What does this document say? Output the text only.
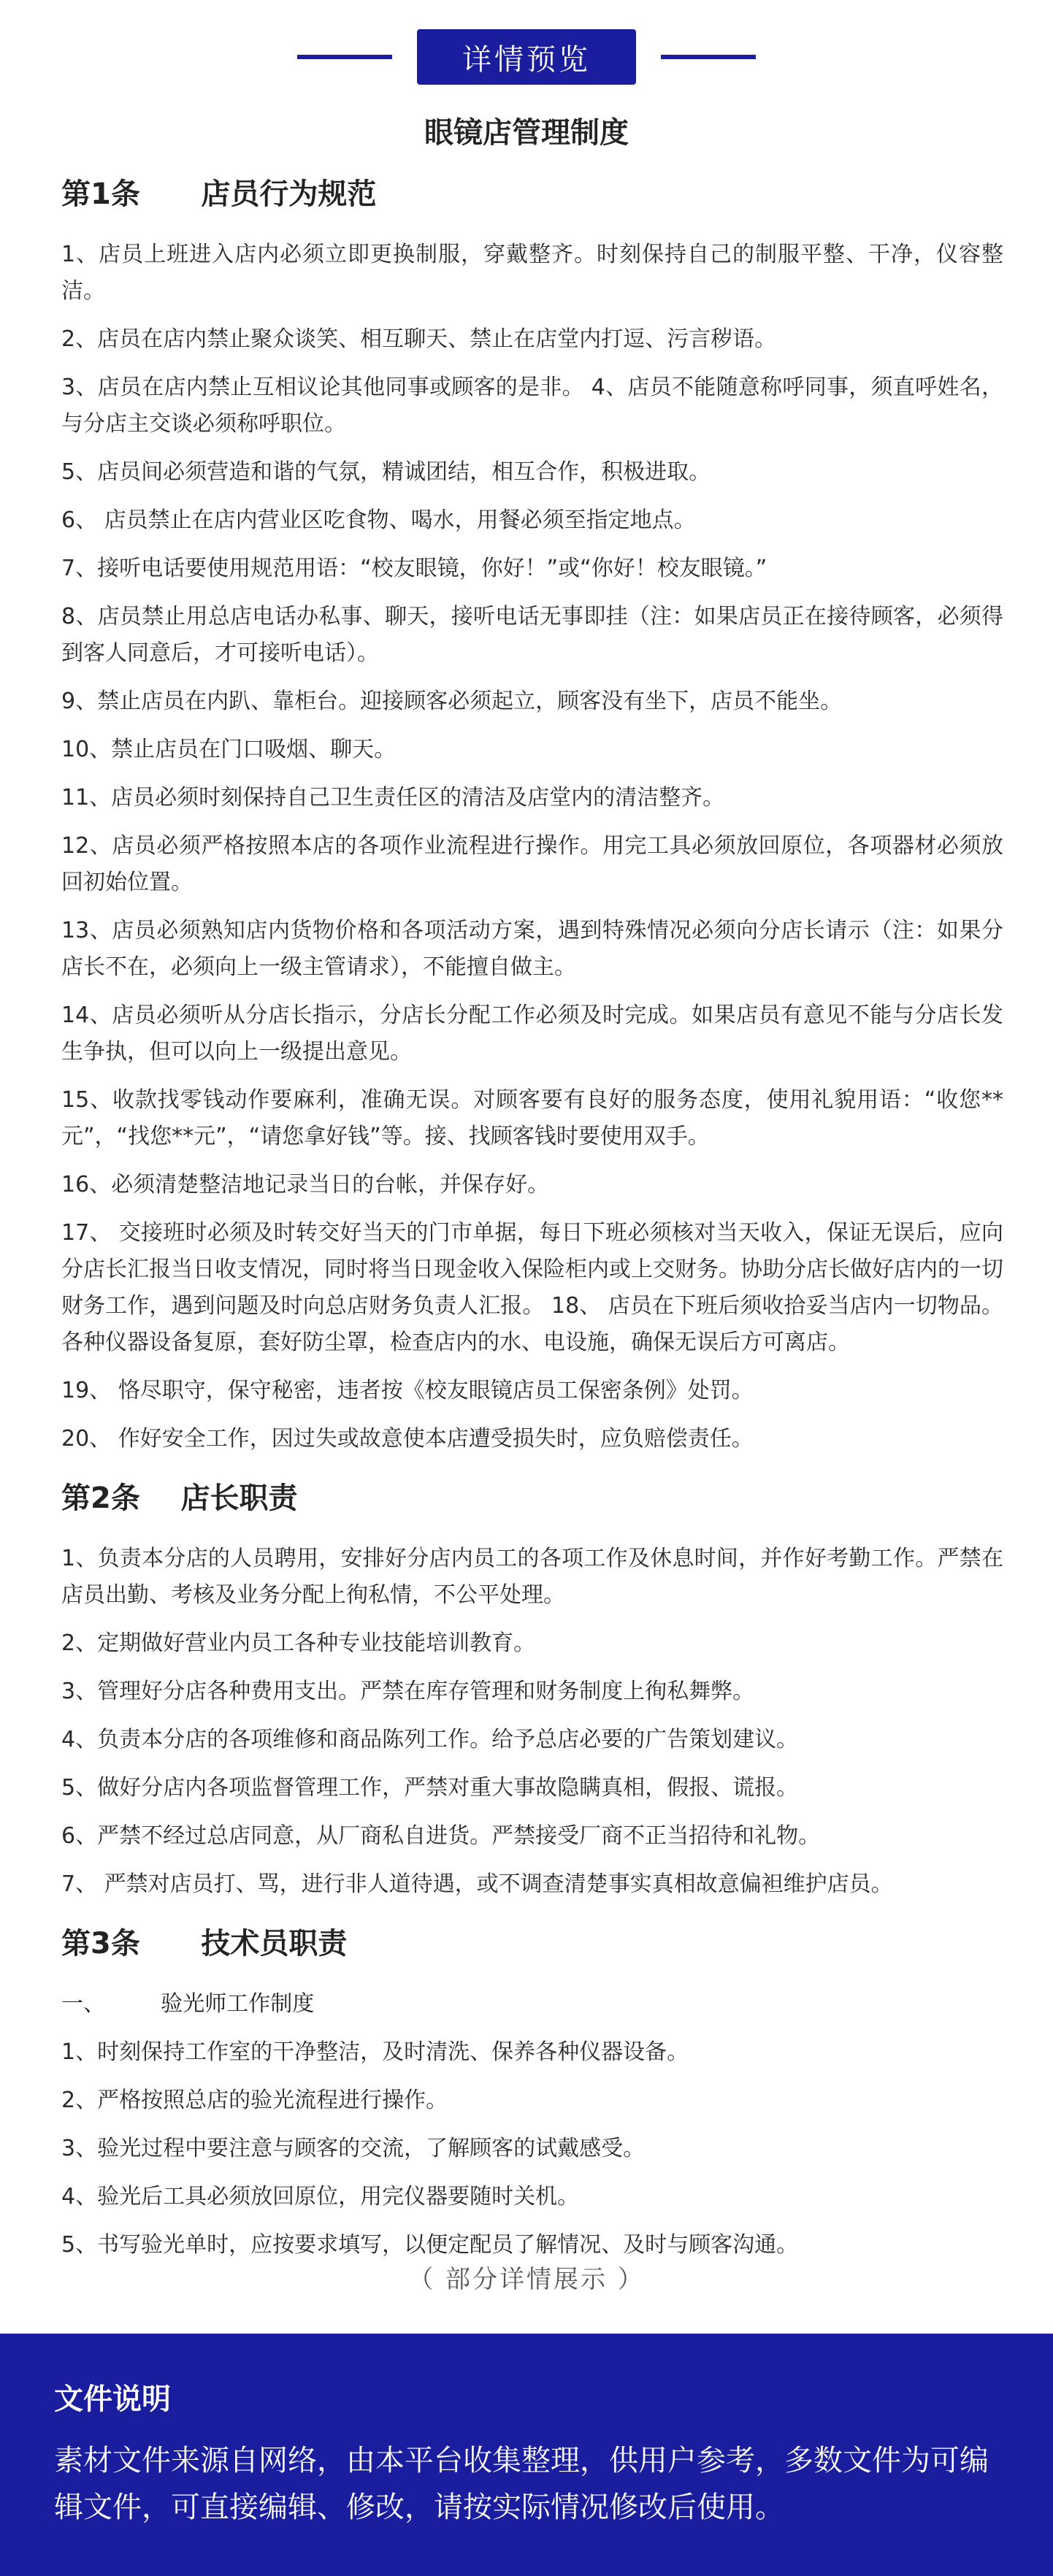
详情预览
眼镜店管理制度
第1条      店员行为规范
1、店员上班进入店内必须立即更换制服，穿戴整齐。时刻保持自己的制服平整、干净，仪容整洁。
2、店员在店内禁止聚众谈笑、相互聊天、禁止在店堂内打逗、污言秽语。
3、店员在店内禁止互相议论其他同事或顾客的是非。 4、店员不能随意称呼同事，须直呼姓名，与分店主交谈必须称呼职位。
5、店员间必须营造和谐的气氛，精诚团结，相互合作，积极进取。
6、 店员禁止在店内营业区吃食物、喝水，用餐必须至指定地点。
7、接听电话要使用规范用语：“校友眼镜，你好！”或“你好！校友眼镜。”
8、店员禁止用总店电话办私事、聊天，接听电话无事即挂（注：如果店员正在接待顾客，必须得到客人同意后，才可接听电话）。
9、禁止店员在内趴、靠柜台。迎接顾客必须起立，顾客没有坐下，店员不能坐。
10、禁止店员在门口吸烟、聊天。
11、店员必须时刻保持自己卫生责任区的清洁及店堂内的清洁整齐。
12、店员必须严格按照本店的各项作业流程进行操作。用完工具必须放回原位，各项器材必须放回初始位置。
13、店员必须熟知店内货物价格和各项活动方案，遇到特殊情况必须向分店长请示（注：如果分店长不在，必须向上一级主管请求），不能擅自做主。
14、店员必须听从分店长指示，分店长分配工作必须及时完成。如果店员有意见不能与分店长发生争执，但可以向上一级提出意见。
15、收款找零钱动作要麻利，准确无误。对顾客要有良好的服务态度，使用礼貌用语：“收您**元”，“找您**元”，“请您拿好钱”等。接、找顾客钱时要使用双手。
16、必须清楚整洁地记录当日的台帐，并保存好。
17、 交接班时必须及时转交好当天的门市单据，每日下班必须核对当天收入，保证无误后，应向分店长汇报当日收支情况，同时将当日现金收入保险柜内或上交财务。协助分店长做好店内的一切财务工作，遇到问题及时向总店财务负责人汇报。 18、 店员在下班后须收拾妥当店内一切物品。各种仪器设备复原，套好防尘罩，检查店内的水、电设施，确保无误后方可离店。
19、 恪尽职守，保守秘密，违者按《校友眼镜店员工保密条例》处罚。
20、 作好安全工作，因过失或故意使本店遭受损失时，应负赔偿责任。
第2条    店长职责
1、负责本分店的人员聘用，安排好分店内员工的各项工作及休息时间，并作好考勤工作。严禁在店员出勤、考核及业务分配上徇私情，不公平处理。
2、定期做好营业内员工各种专业技能培训教育。
3、管理好分店各种费用支出。严禁在库存管理和财务制度上徇私舞弊。
4、负责本分店的各项维修和商品陈列工作。给予总店必要的广告策划建议。
5、做好分店内各项监督管理工作，严禁对重大事故隐瞒真相，假报、谎报。
6、严禁不经过总店同意，从厂商私自进货。严禁接受厂商不正当招待和礼物。
7、 严禁对店员打、骂，进行非人道待遇，或不调查清楚事实真相故意偏袒维护店员。
第3条      技术员职责
一、        验光师工作制度
1、时刻保持工作室的干净整洁，及时清洗、保养各种仪器设备。
2、严格按照总店的验光流程进行操作。
3、验光过程中要注意与顾客的交流，了解顾客的试戴感受。
4、验光后工具必须放回原位，用完仪器要随时关机。
5、书写验光单时，应按要求填写，以便定配员了解情况、及时与顾客沟通。
（ 部分详情展示 ）
文件说明
素材文件来源自网络，由本平台收集整理，供用户参考，多数文件为可编辑文件，可直接编辑、修改，请按实际情况修改后使用。
